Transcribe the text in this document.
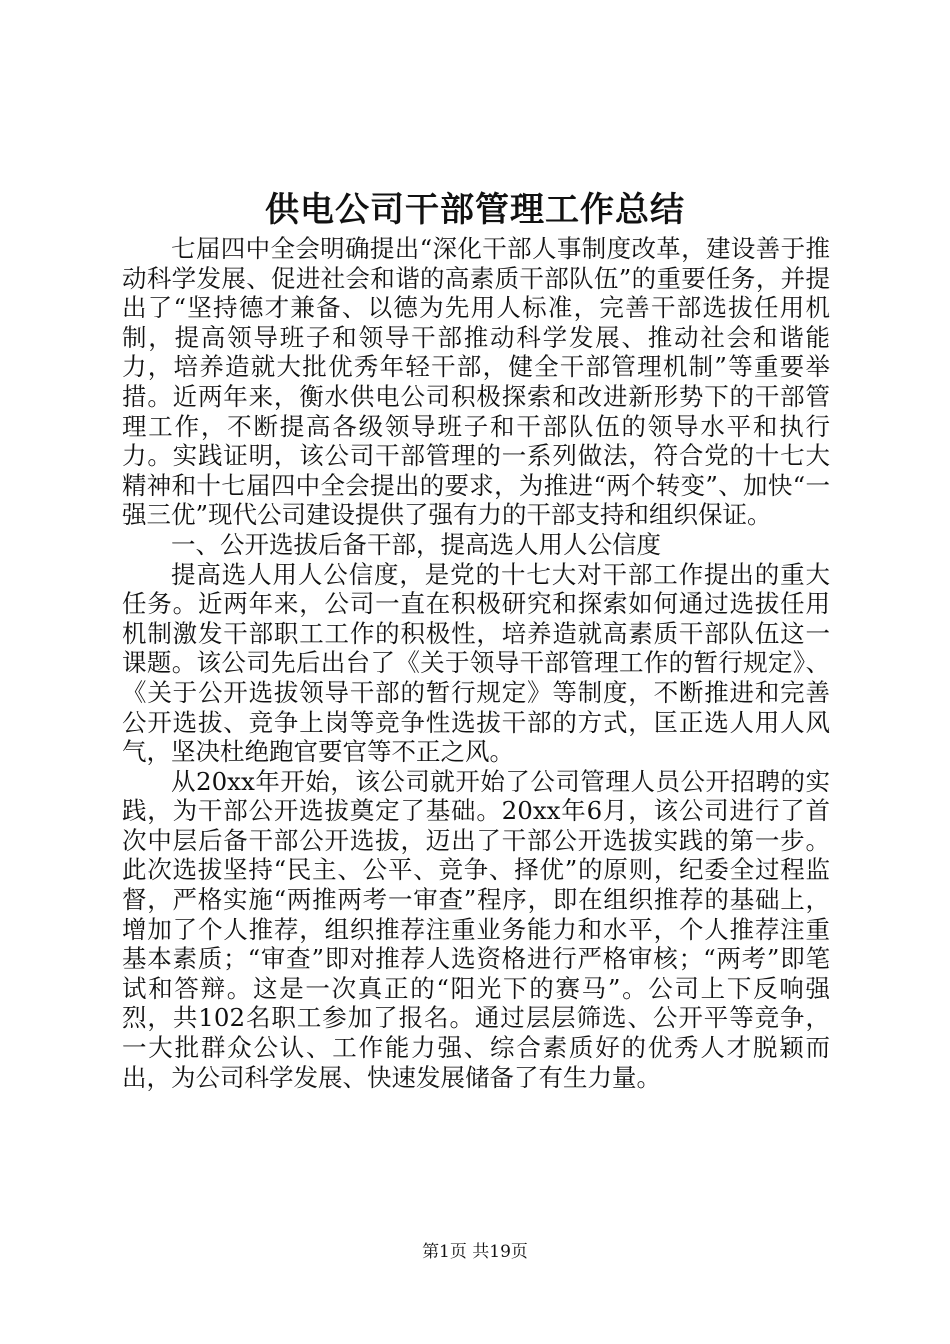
供电公司干部管理工作总结

七届四中全会明确提出“深化干部人事制度改革，建设善于推动科学发展、促进社会和谐的高素质干部队伍”的重要任务，并提出了“坚持德才兼备、以德为先用人标准，完善干部选拔任用机制，提高领导班子和领导干部推动科学发展、推动社会和谐能力，培养造就大批优秀年轻干部，健全干部管理机制”等重要举措。近两年来，衡水供电公司积极探索和改进新形势下的干部管理工作，不断提高各级领导班子和干部队伍的领导水平和执行力。实践证明，该公司干部管理的一系列做法，符合党的十七大精神和十七届四中全会提出的要求，为推进“两个转变”、加快“一强三优”现代公司建设提供了强有力的干部支持和组织保证。

一、公开选拔后备干部，提高选人用人公信度

提高选人用人公信度，是党的十七大对干部工作提出的重大任务。近两年来，公司一直在积极研究和探索如何通过选拔任用机制激发干部职工工作的积极性，培养造就高素质干部队伍这一课题。该公司先后出台了《关于领导干部管理工作的暂行规定》、《关于公开选拔领导干部的暂行规定》等制度，不断推进和完善公开选拔、竞争上岗等竞争性选拔干部的方式，匡正选人用人风气，坚决杜绝跑官要官等不正之风。

从20xx年开始，该公司就开始了公司管理人员公开招聘的实践，为干部公开选拔奠定了基础。20xx年6月，该公司进行了首次中层后备干部公开选拔，迈出了干部公开选拔实践的第一步。此次选拔坚持“民主、公平、竞争、择优”的原则，纪委全过程监督，严格实施“两推两考一审查”程序，即在组织推荐的基础上，增加了个人推荐，组织推荐注重业务能力和水平，个人推荐注重基本素质；“审查”即对推荐人选资格进行严格审核；“两考”即笔试和答辩。这是一次真正的“阳光下的赛马”。公司上下反响强烈，共102名职工参加了报名。通过层层筛选、公开平等竞争，一大批群众公认、工作能力强、综合素质好的优秀人才脱颖而出，为公司科学发展、快速发展储备了有生力量。

第1页 共19页
